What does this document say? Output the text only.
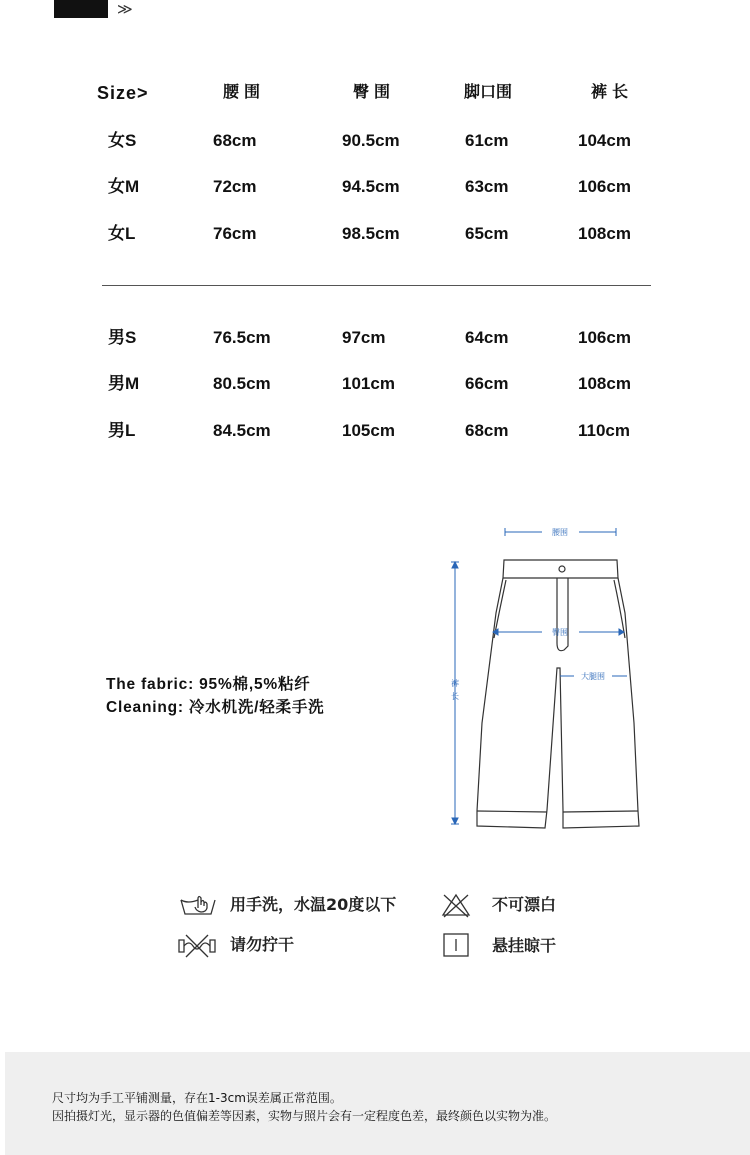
≫
Size>	腰围	臀围	脚口围	裤长
女S	68cm	90.5cm	61cm	104cm
女M	72cm	94.5cm	63cm	106cm
女L	76cm	98.5cm	65cm	108cm
男S	76.5cm	97cm	64cm	106cm
男M	80.5cm	101cm	66cm	108cm
男L	84.5cm	105cm	68cm	110cm
The fabric: 95%棉,5%粘纤
Cleaning: 冷水机洗/轻柔手洗
腰围
臀围
大腿围
裤
长
用手洗，水温20度以下	不可漂白
请勿拧干	悬挂晾干
尺寸均为手工平铺测量，存在1-3cm误差属正常范围。
因拍摄灯光，显示器的色值偏差等因素，实物与照片会有一定程度色差，最终颜色以实物为准。
